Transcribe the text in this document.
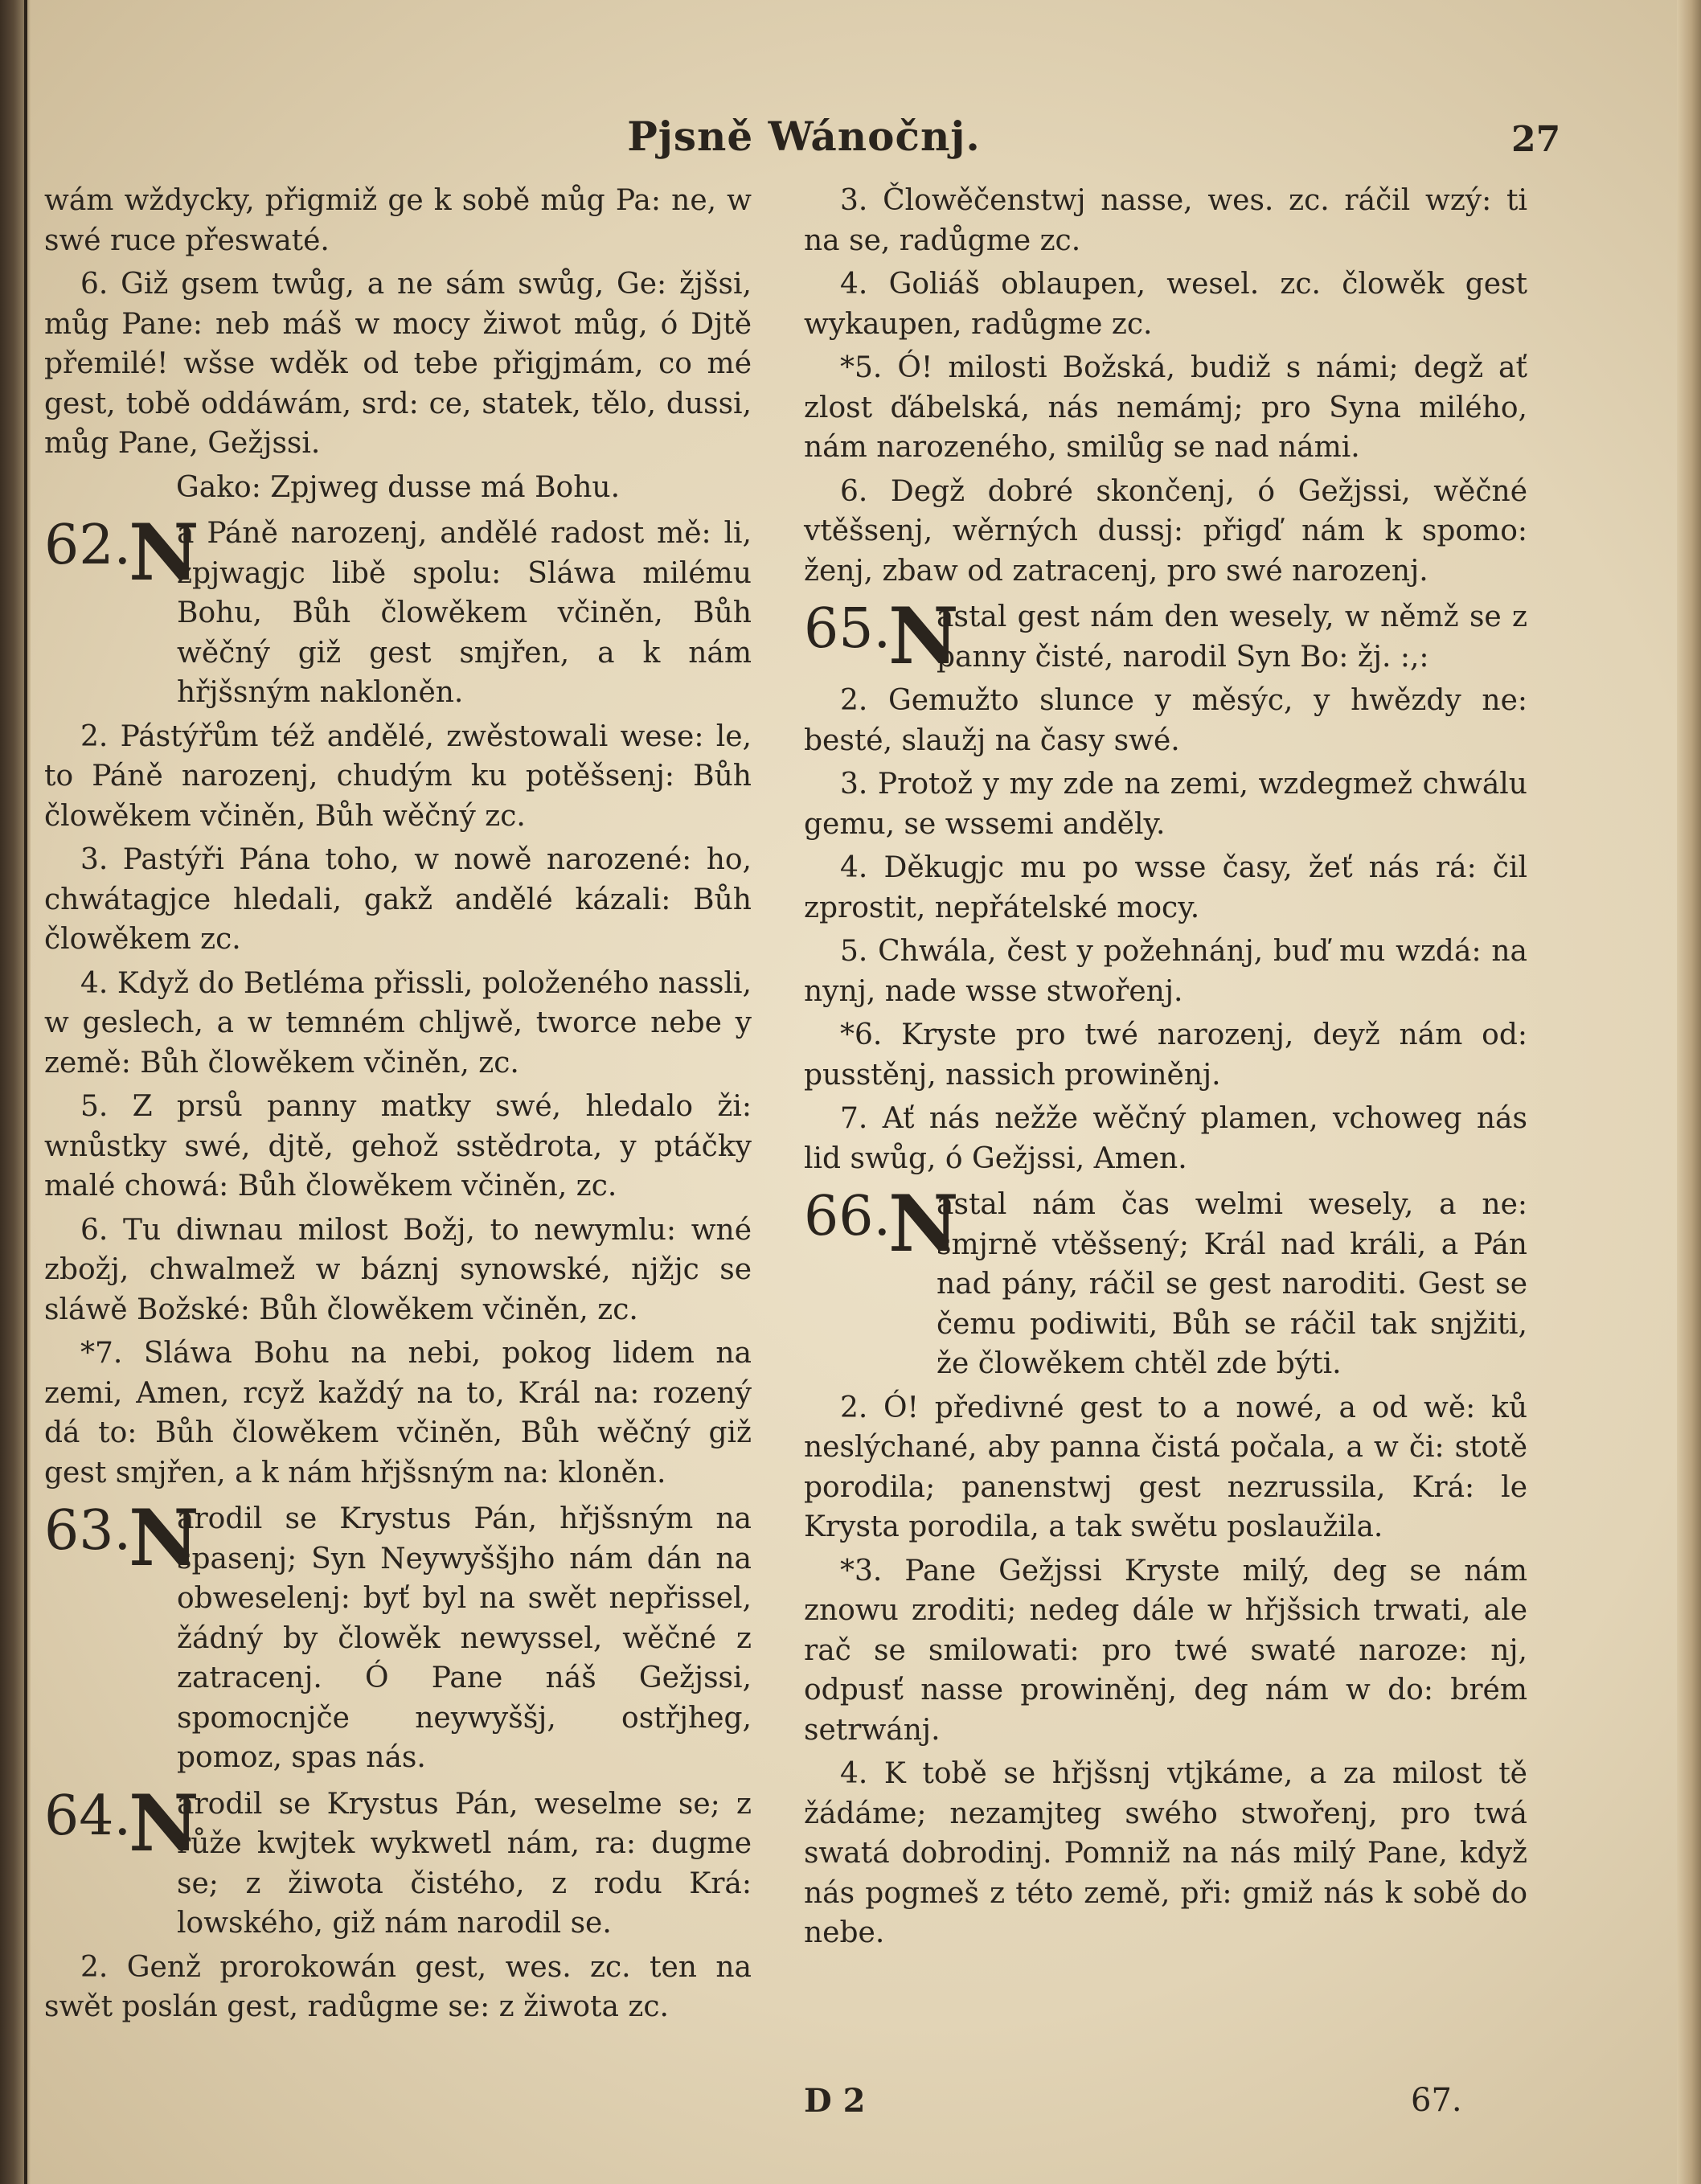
Pjsně Wánočnj.	27

wám wždycky, přigmiž ge k sobě můg Pa: ne, w swé ruce přeswaté.

6. Giž gsem twůg, a ne sám swůg, Ge: žjšsi, můg Pane: neb máš w mocy žiwot můg, ó Djtě přemilé! wšse wděk od tebe přigjmám, co mé gest, tobě oddáwám, srd: ce, statek, tělo, dussi, můg Pane, Gežjssi.

Gako: Zpjweg dusse má Bohu.

62.
N
a Páně narozenj, andělé radost mě: li, zpjwagjc libě spolu: Sláwa milému Bohu, Bůh člowěkem včiněn, Bůh wěčný giž gest smjřen, a k nám hřjšsným nakloněn.

2. Pástýřům též andělé, zwěstowali wese: le, to Páně narozenj, chudým ku potěšsenj: Bůh člowěkem včiněn, Bůh wěčný zc.

3. Pastýři Pána toho, w nowě narozené: ho, chwátagjce hledali, gakž andělé kázali: Bůh člowěkem zc.

4. Když do Betléma přissli, položeného nassli, w gesle​ch, a w temném chljwě, tworce nebe y země: Bůh člowěkem včiněn, zc.

5. Z prsů panny matky swé, hledalo ži: wnůstky swé, djtě, gehož sstědrota, y ptáčky malé chowá: Bůh člowěkem včiněn, zc.

6. Tu diwnau milost Božj, to newymlu: wné zbožj, chwalmež w báznj synowské, njžjc se sláwě Božské: Bůh člowěkem včiněn, zc.

*7. Sláwa Bohu na nebi, pokog lidem na zemi, Amen, rcyž každý na to, Král na: rozený dá to: Bůh člowěkem včiněn, Bůh wěčný giž gest smjřen, a k nám hřjšsným na: kloněn.

63.
N
arodil se Krystus Pán, hřjšsným na spasenj; Syn Neywyššjho nám dán na obweselenj: byť byl na swět nepřissel, žádný by člowěk newyssel, wěčné z zatracenj. Ó Pane náš Gežjssi, spomocnjče neywyššj, ostřjheg, pomoz, spas nás.
64.
N
arodil se Krystus Pán, weselme se; z růže kwjtek wykwetl nám, ra: dugme se; z žiwota čistého, z rodu Krá: lowského, giž nám narodil se.

2. Genž prorokowán gest, wes. zc. ten na swět poslán gest, radůgme se: z žiwota zc.

3. Člowěčenstwj nasse, wes. zc. ráčil wzý: ti na se, radůgme zc.

4. Goliáš oblaupen, wesel. zc. člowěk gest wykaupen, radůgme zc.

*5. Ó! milosti Božská, budiž s námi; degž ať zlost ďábelská, nás nemámj; pro Syna milého, nám narozeného, smilůg se nad námi.

6. Degž dobré skončenj, ó Gežjssi, wěčné vtěšsenj, wěrných dussj: přigď nám k spomo: ženj, zbaw od zatracenj, pro swé narozenj.

65.
N
astal gest nám den wesely, w němž se z panny čisté, narodil Syn Bo: žj. :,:

2. Gemužto slunce y měsýc, y hwězdy ne: besté, slaužj na časy swé.

3. Protož y my zde na zemi, wzdegmež chwálu gemu, se wssemi anděly.

4. Děkugjc mu po wsse časy, žeť nás rá: čil zprostit, nepřátelské mocy.

5. Chwála, čest y požehnánj, buď mu wzdá: na nynj, nade wsse stwořenj.

*6. Kryste pro twé narozenj, deyž nám od: pusstěnj, nassich prowiněnj.

7. Ať nás nežže wěčný plamen, vchoweg nás lid swůg, ó Gežjssi, Amen.

66.
N
astal nám čas welmi wesely, a ne: smjrně vtěšsený; Král nad králi, a Pán nad pány, ráčil se gest naroditi. Gest se čemu podiwiti, Bůh se ráčil tak snjžiti, že člowěkem chtěl zde býti.

2. Ó! předivné gest to a nowé, a od wě: ků neslýchané, aby panna čistá počala, a w či: stotě porodila; panenstwj gest nezrussila, Krá: le Krysta porodila, a tak swětu poslaužila.

*3. Pane Gežjssi Kryste milý, deg se nám znowu zroditi; nedeg dále w hřjšsich trwati, ale rač se smilowati: pro twé swaté naroze: nj, odpusť nasse prowiněnj, deg nám w do: brém setrwánj.

4. K tobě se hřjšsnj vtjkáme, a za milost tě žádáme; nezamjteg swého stwořenj, pro twá swatá dobrodinj. Pomniž na nás milý Pane, když nás pogmeš z této země, při: gmiž nás k sobě do nebe.

D 2	67.
